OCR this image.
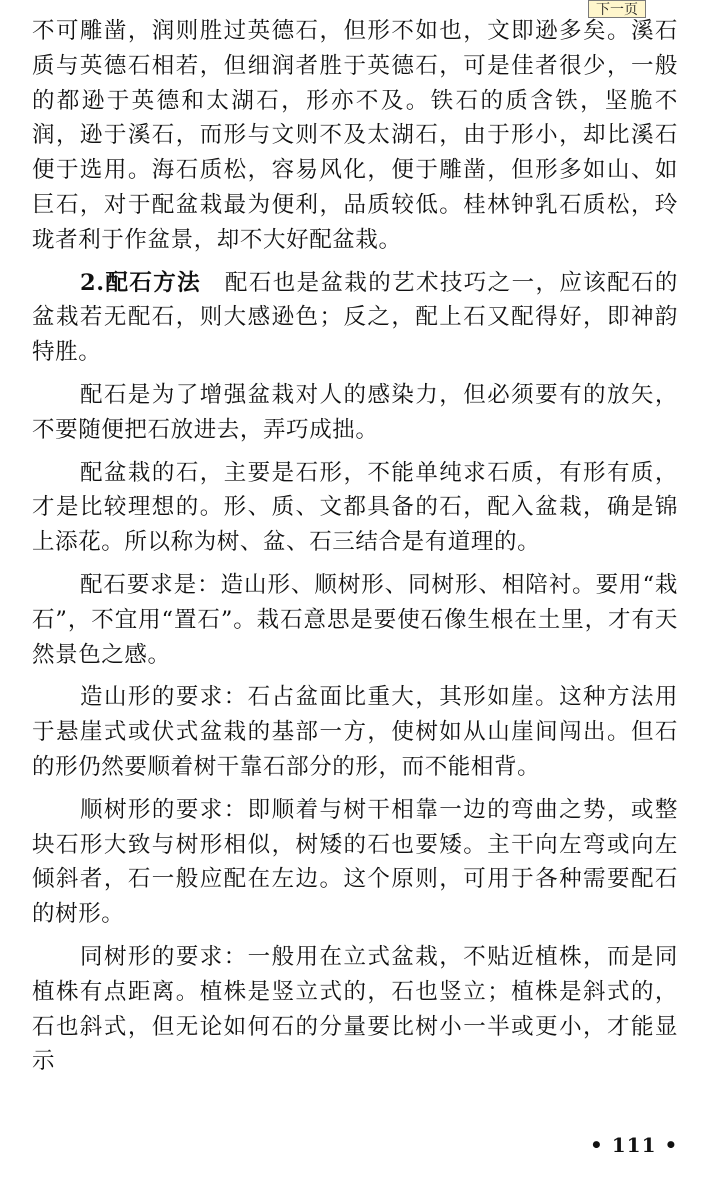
下一页

不可雕凿，润则胜过英德石，但形不如也，文即逊多矣。溪石质与英德石相若，但细润者胜于英德石，可是佳者很少，一般的都逊于英德和太湖石，形亦不及。铁石的质含铁，坚脆不润，逊于溪石，而形与文则不及太湖石，由于形小，却比溪石便于选用。海石质松，容易风化，便于雕凿，但形多如山、如巨石，对于配盆栽最为便利，品质较低。桂林钟乳石质松，玲珑者利于作盆景，却不大好配盆栽。

2.配石方法  配石也是盆栽的艺术技巧之一，应该配石的盆栽若无配石，则大感逊色；反之，配上石又配得好，即神韵特胜。

配石是为了增强盆栽对人的感染力，但必须要有的放矢，不要随便把石放进去，弄巧成拙。

配盆栽的石，主要是石形，不能单纯求石质，有形有质，才是比较理想的。形、质、文都具备的石，配入盆栽，确是锦上添花。所以称为树、盆、石三结合是有道理的。

配石要求是：造山形、顺树形、同树形、相陪衬。要用“栽石”，不宜用“置石”。栽石意思是要使石像生根在土里，才有天然景色之感。

造山形的要求：石占盆面比重大，其形如崖。这种方法用于悬崖式或伏式盆栽的基部一方，使树如从山崖间闯出。但石的形仍然要顺着树干靠石部分的形，而不能相背。

顺树形的要求：即顺着与树干相靠一边的弯曲之势，或整块石形大致与树形相似，树矮的石也要矮。主干向左弯或向左倾斜者，石一般应配在左边。这个原则，可用于各种需要配石的树形。

同树形的要求：一般用在立式盆栽，不贴近植株，而是同植株有点距离。植株是竖立式的，石也竖立；植株是斜式的，石也斜式，但无论如何石的分量要比树小一半或更小，才能显示

• 111 •
